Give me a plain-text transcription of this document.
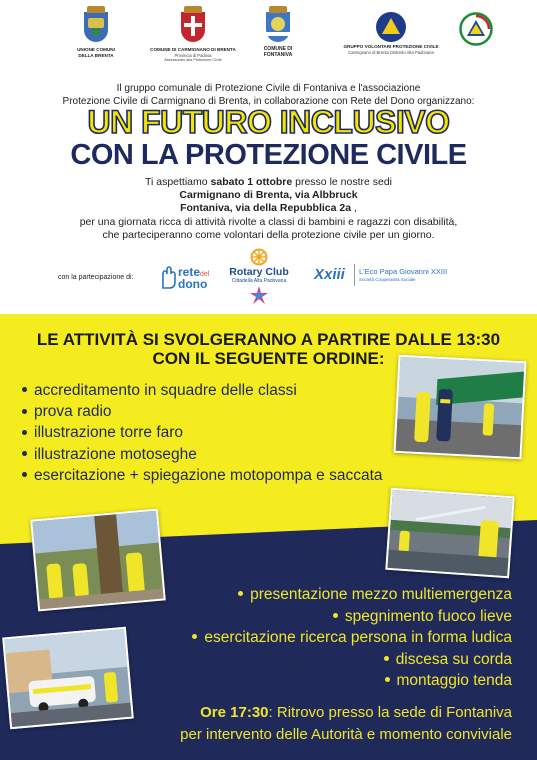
UNIONE COMUNI DELLA BRENTA
COMUNE DI CARMIGNANO DI BRENTA
Provincia di Padova
Assessorato alla Protezione Civile
COMUNE DI FONTANIVA
GRUPPO VOLONTARI PROTEZIONE CIVILE
Carmignano di Brenta Distretto Alta Padovana
Il gruppo comunale di Protezione Civile di Fontaniva e l'associazione
Protezione Civile di Carmignano di Brenta, in collaborazione con Rete del Dono organizzano:
UN FUTURO INCLUSIVO
CON LA PROTEZIONE CIVILE
Ti aspettiamo sabato 1 ottobre presso le nostre sedi
Carmignano di Brenta, via Albbruck
Fontaniva, via della Repubblica 2a ,
per una giornata ricca di attività rivolte a classi di bambini e ragazzi con disabilità,
che parteciperanno come volontari della protezione civile per un giorno.
con la partecipazione di:	retedel
dono
Rotary Club
Cittadella Alta Padovana	Xxiii L'Eco Papa Giovanni XXIII
Società Cooperativa Sociale
LE ATTIVITÀ SI SVOLGERANNO A PARTIRE DALLE 13:30
CON IL SEGUENTE ORDINE:
accreditamento in squadre delle classi
prova radio
illustrazione torre faro
illustrazione motoseghe
esercitazione + spiegazione motopompa e saccata
presentazione mezzo multiemergenza
spegnimento fuoco lieve
esercitazione ricerca persona in forma ludica
discesa su corda
montaggio tenda
Ore 17:30: Ritrovo presso la sede di Fontaniva
per intervento delle Autorità e momento conviviale
